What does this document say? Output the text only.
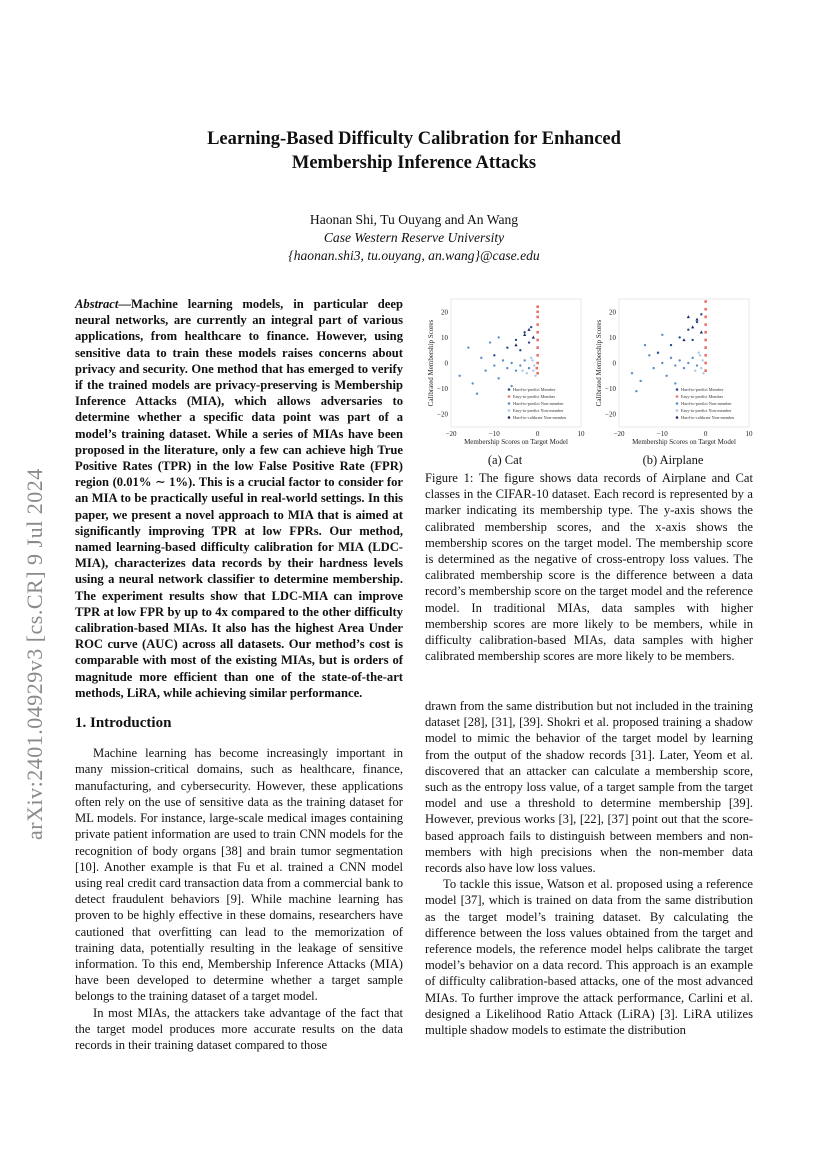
arXiv:2401.04929v3 [cs.CR] 9 Jul 2024

Learning-Based Difficulty Calibration for Enhanced

Membership Inference Attacks

Haonan Shi, Tu Ouyang and An Wang
Case Western Reserve University
{haonan.shi3, tu.ouyang, an.wang}@case.edu

Abstract—Machine learning models, in particular deep neural networks, are currently an integral part of various applications, from healthcare to finance. However, using sensitive data to train these models raises concerns about privacy and security. One method that has emerged to verify if the trained models are privacy-preserving is Membership Inference Attacks (MIA), which allows adversaries to determine whether a specific data point was part of a model’s training dataset. While a series of MIAs have been proposed in the literature, only a few can achieve high True Positive Rates (TPR) in the low False Positive Rate (FPR) region (0.01% ∼ 1%). This is a crucial factor to consider for an MIA to be practically useful in real-world settings. In this paper, we present a novel approach to MIA that is aimed at significantly improving TPR at low FPRs. Our method, named learning-based difficulty calibration for MIA (LDC-MIA), characterizes data records by their hardness levels using a neural network classifier to determine membership. The experiment results show that LDC-MIA can improve TPR at low FPR by up to 4x compared to the other difficulty calibration-based MIAs. It also has the highest Area Under ROC curve (AUC) across all datasets. Our method’s cost is comparable with most of the existing MIAs, but is orders of magnitude more efficient than one of the state-of-the-art methods, LiRA, while achieving similar performance.

1. Introduction

Machine learning has become increasingly important in many mission-critical domains, such as healthcare, finance, manufacturing, and cybersecurity. However, these applications often rely on the use of sensitive data as the training dataset for ML models. For instance, large-scale medical images containing private patient information are used to train CNN models for the recognition of body organs [38] and brain tumor segmentation [10]. Another example is that Fu et al. trained a CNN model using real credit card transaction data from a commercial bank to detect fraudulent behaviors [9]. While machine learning has proven to be highly effective in these domains, researchers have cautioned that overfitting can lead to the memorization of training data, potentially resulting in the leakage of sensitive information. To this end, Membership Inference Attacks (MIA) have been developed to determine whether a target sample belongs to the training dataset of a target model.

In most MIAs, the attackers take advantage of the fact that the target model produces more accurate results on the data records in their training dataset compared to those

20
10
0
−10
−20
−20	−10	0	10
Membership Scores on Target Model
Calibrated Membership Scores	Hard-to-predict Member
Easy-to-predict Member
Hard-to-predict Non-member
Easy-to-predict Non-member
Hard-to-calibrate Non-member
(a) Cat
20
10
0
−10
−20
−20	−10	0	10
Membership Scores on Target Model
Calibrated Membership Scores	Hard-to-predict Member
Easy-to-predict Member
Hard-to-predict Non-member
Easy-to-predict Non-member
Hard-to-calibrate Non-member
(b) Airplane

Figure 1: The figure shows data records of Airplane and Cat classes in the CIFAR-10 dataset. Each record is represented by a marker indicating its membership type. The y-axis shows the calibrated membership scores, and the x-axis shows the membership scores on the target model. The membership score is determined as the negative of cross-entropy loss values. The calibrated membership score is the difference between a data record’s membership score on the target model and the reference model. In traditional MIAs, data samples with higher membership scores are more likely to be members, while in difficulty calibration-based MIAs, data samples with higher calibrated membership scores are more likely to be members.

drawn from the same distribution but not included in the training dataset [28], [31], [39]. Shokri et al. proposed training a shadow model to mimic the behavior of the target model by learning from the output of the shadow records [31]. Later, Yeom et al. discovered that an attacker can calculate a membership score, such as the entropy loss value, of a target sample from the target model and use a threshold to determine membership [39]. However, previous works [3], [22], [37] point out that the score-based approach fails to distinguish between members and non-members with high precisions when the non-member data records also have low loss values.

To tackle this issue, Watson et al. proposed using a reference model [37], which is trained on data from the same distribution as the target model’s training dataset. By calculating the difference between the loss values obtained from the target and reference models, the reference model helps calibrate the target model’s behavior on a data record. This approach is an example of difficulty calibration-based attacks, one of the most advanced MIAs. To further improve the attack performance, Carlini et al. designed a Likelihood Ratio Attack (LiRA) [3]. LiRA utilizes multiple shadow models to estimate the distribution
